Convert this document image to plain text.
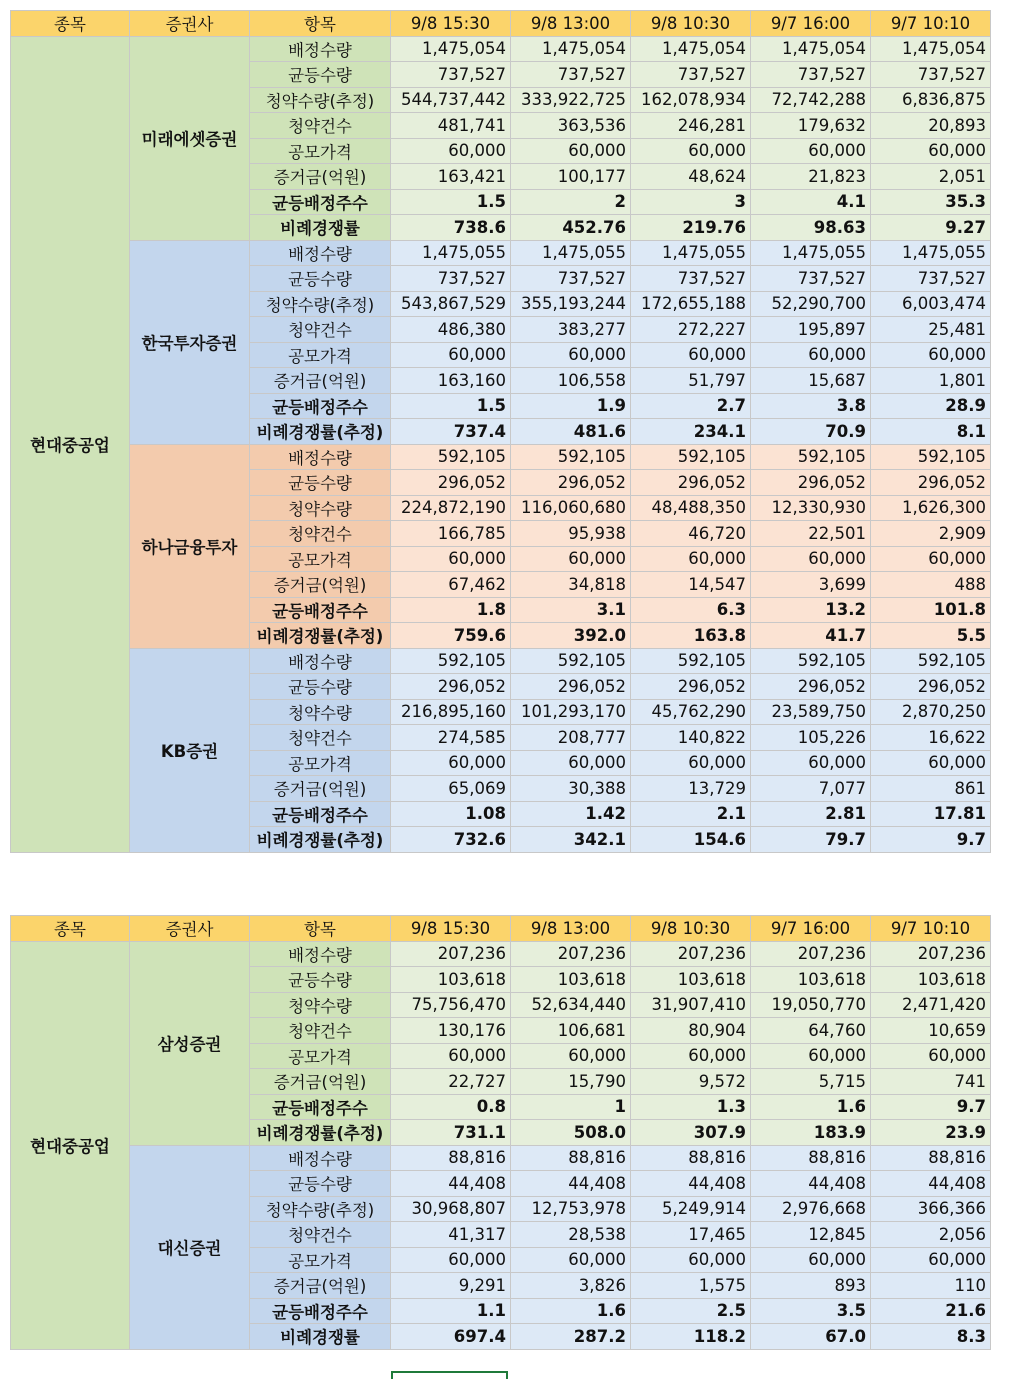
종목	증권사	항목	9/8 15:30	9/8 13:00	9/8 10:30	9/7 16:00	9/7 10:10
현대중공업	미래에셋증권	배정수량	1,475,054	1,475,054	1,475,054	1,475,054	1,475,054
		균등수량	737,527	737,527	737,527	737,527	737,527
		청약수량(추정)	544,737,442	333,922,725	162,078,934	72,742,288	6,836,875
		청약건수	481,741	363,536	246,281	179,632	20,893
		공모가격	60,000	60,000	60,000	60,000	60,000
		증거금(억원)	163,421	100,177	48,624	21,823	2,051
		균등배정주수	1.5	2	3	4.1	35.3
		비례경쟁률	738.6	452.76	219.76	98.63	9.27
	한국투자증권	배정수량	1,475,055	1,475,055	1,475,055	1,475,055	1,475,055
		균등수량	737,527	737,527	737,527	737,527	737,527
		청약수량(추정)	543,867,529	355,193,244	172,655,188	52,290,700	6,003,474
		청약건수	486,380	383,277	272,227	195,897	25,481
		공모가격	60,000	60,000	60,000	60,000	60,000
		증거금(억원)	163,160	106,558	51,797	15,687	1,801
		균등배정주수	1.5	1.9	2.7	3.8	28.9
		비례경쟁률(추정)	737.4	481.6	234.1	70.9	8.1
	하나금융투자	배정수량	592,105	592,105	592,105	592,105	592,105
		균등수량	296,052	296,052	296,052	296,052	296,052
		청약수량	224,872,190	116,060,680	48,488,350	12,330,930	1,626,300
		청약건수	166,785	95,938	46,720	22,501	2,909
		공모가격	60,000	60,000	60,000	60,000	60,000
		증거금(억원)	67,462	34,818	14,547	3,699	488
		균등배정주수	1.8	3.1	6.3	13.2	101.8
		비례경쟁률(추정)	759.6	392.0	163.8	41.7	5.5
	KB증권	배정수량	592,105	592,105	592,105	592,105	592,105
		균등수량	296,052	296,052	296,052	296,052	296,052
		청약수량	216,895,160	101,293,170	45,762,290	23,589,750	2,870,250
		청약건수	274,585	208,777	140,822	105,226	16,622
		공모가격	60,000	60,000	60,000	60,000	60,000
		증거금(억원)	65,069	30,388	13,729	7,077	861
		균등배정주수	1.08	1.42	2.1	2.81	17.81
		비례경쟁률(추정)	732.6	342.1	154.6	79.7	9.7
종목	증권사	항목	9/8 15:30	9/8 13:00	9/8 10:30	9/7 16:00	9/7 10:10
현대중공업	삼성증권	배정수량	207,236	207,236	207,236	207,236	207,236
		균등수량	103,618	103,618	103,618	103,618	103,618
		청약수량	75,756,470	52,634,440	31,907,410	19,050,770	2,471,420
		청약건수	130,176	106,681	80,904	64,760	10,659
		공모가격	60,000	60,000	60,000	60,000	60,000
		증거금(억원)	22,727	15,790	9,572	5,715	741
		균등배정주수	0.8	1	1.3	1.6	9.7
		비례경쟁률(추정)	731.1	508.0	307.9	183.9	23.9
	대신증권	배정수량	88,816	88,816	88,816	88,816	88,816
		균등수량	44,408	44,408	44,408	44,408	44,408
		청약수량(추정)	30,968,807	12,753,978	5,249,914	2,976,668	366,366
		청약건수	41,317	28,538	17,465	12,845	2,056
		공모가격	60,000	60,000	60,000	60,000	60,000
		증거금(억원)	9,291	3,826	1,575	893	110
		균등배정주수	1.1	1.6	2.5	3.5	21.6
		비례경쟁률	697.4	287.2	118.2	67.0	8.3
